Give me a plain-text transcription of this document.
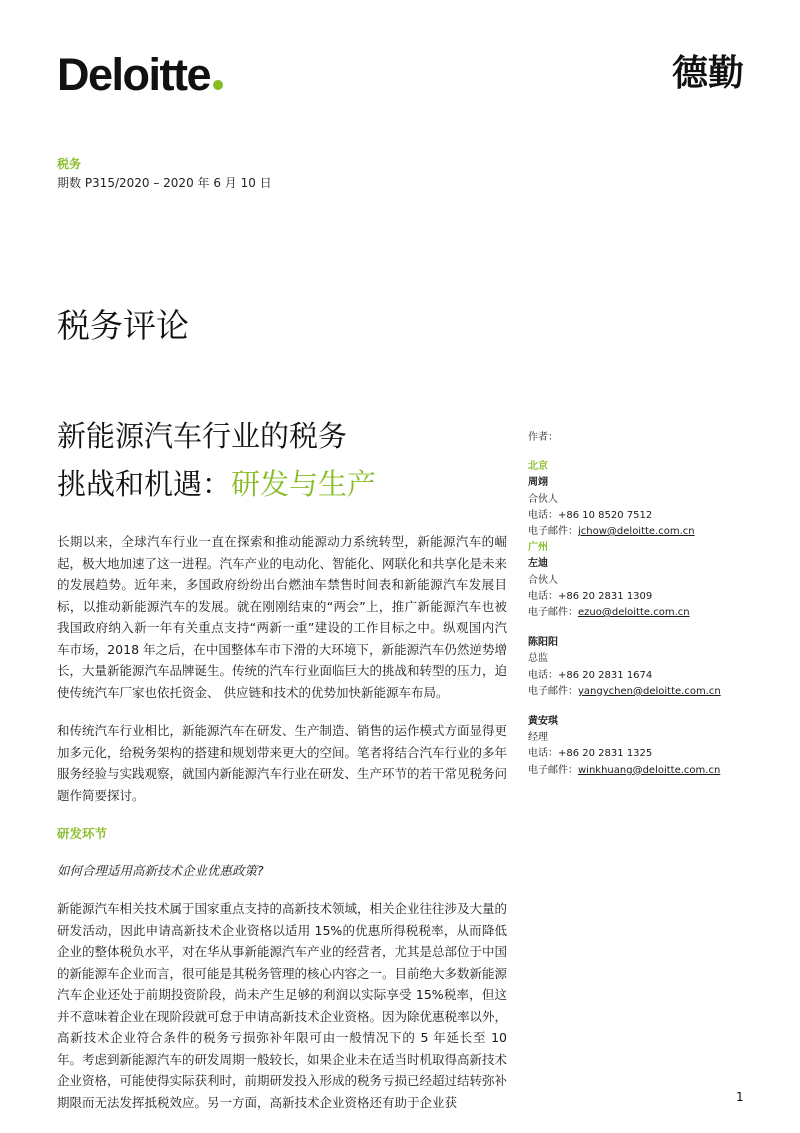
Deloitte	德勤
税务
期数 P315/2020 – 2020 年 6 月 10 日
税务评论
新能源汽车行业的税务
挑战和机遇：研发与生产

长期以来，全球汽车行业一直在探索和推动能源动力系统转型，新能源汽车的崛起，极大地加速了这一进程。汽车产业的电动化、智能化、网联化和共享化是未来的发展趋势。近年来，多国政府纷纷出台燃油车禁售时间表和新能源汽车发展目标，以推动新能源汽车的发展。就在刚刚结束的“两会”上，推广新能源汽车也被我国政府纳入新一年有关重点支持“两新一重”建设的工作目标之中。纵观国内汽车市场，2018 年之后，在中国整体车市下滑的大环境下，新能源汽车仍然逆势增长，大量新能源汽车品牌诞生。传统的汽车行业面临巨大的挑战和转型的压力，迫使传统汽车厂家也依托资金、 供应链和技术的优势加快新能源车布局。

和传统汽车行业相比，新能源汽车在研发、生产制造、销售的运作模式方面显得更加多元化，给税务架构的搭建和规划带来更大的空间。笔者将结合汽车行业的多年服务经验与实践观察，就国内新能源汽车行业在研发、生产环节的若干常见税务问题作简要探讨。

研发环节
如何合理适用高新技术企业优惠政策?

新能源汽车相关技术属于国家重点支持的高新技术领域，相关企业往往涉及大量的研发活动，因此申请高新技术企业资格以适用 15%的优惠所得税税率，从而降低企业的整体税负水平，对在华从事新能源汽车产业的经营者，尤其是总部位于中国的新能源车企业而言，很可能是其税务管理的核心内容之一。目前绝大多数新能源汽车企业还处于前期投资阶段，尚未产生足够的利润以实际享受 15%税率，但这并不意味着企业在现阶段就可怠于申请高新技术企业资格。因为除优惠税率以外，高新技术企业符合条件的税务亏损弥补年限可由一般情况下的 5 年延长至 10 年。考虑到新能源汽车的研发周期一般较长，如果企业未在适当时机取得高新技术企业资格，可能使得实际获利时，前期研发投入形成的税务亏损已经超过结转弥补期限而无法发挥抵税效应。另一方面，高新技术企业资格还有助于企业获

作者：
北京
周翊
合伙人
电话：+86 10 8520 7512
电子邮件：jchow@deloitte.com.cn
广州
左迪
合伙人
电话：+86 20 2831 1309
电子邮件：ezuo@deloitte.com.cn
陈阳阳
总监
电话：+86 20 2831 1674
电子邮件：yangychen@deloitte.com.cn
黄安琪
经理
电话：+86 20 2831 1325
电子邮件：winkhuang@deloitte.com.cn
1
